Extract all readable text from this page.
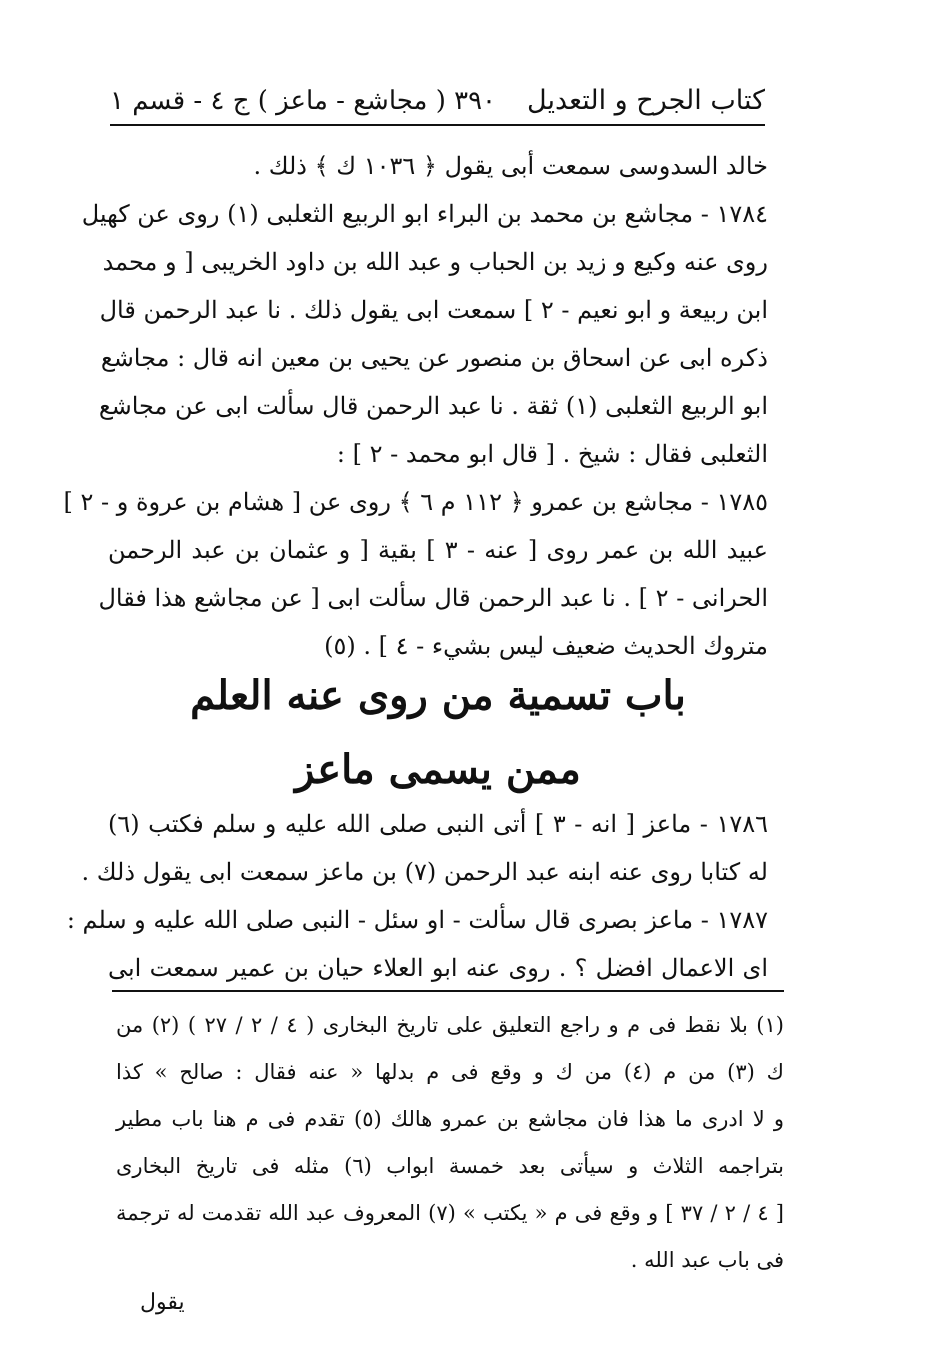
كتاب الجرح و التعديل
٣٩٠ ( مجاشع - ماعز ) ج ٤ - قسم ١
خالد السدوسى سمعت أبى يقول ﴿ ١٠٣٦ ك ﴾ ذلك .
١٧٨٤ - مجاشع بن محمد بن البراء ابو الربيع الثعلبى (١) روى عن كهيل
روى عنه وكيع و زيد بن الحباب و عبد الله بن داود الخريبى [ و محمد
ابن ربيعة و ابو نعيم - ٢ ] سمعت ابى يقول ذلك . نا عبد الرحمن قال
ذكره ابى عن اسحاق بن منصور عن يحيى بن معين انه قال : مجاشع
ابو الربيع الثعلبى (١) ثقة . نا عبد الرحمن قال سألت ابى عن مجاشع
الثعلبى فقال : شيخ . [ قال ابو محمد - ٢ ] :
١٧٨٥ - مجاشع بن عمرو ﴿ ١١٢ م ٦ ﴾ روى عن [ هشام بن عروة و - ٢ ]
عبيد الله بن عمر روى [ عنه - ٣ ] بقية [ و عثمان بن عبد الرحمن
الحرانى - ٢ ] . نا عبد الرحمن قال سألت ابى [ عن مجاشع هذا فقال
متروك الحديث ضعيف ليس بشيء - ٤ ] . (٥)
باب تسمية من روى عنه العلم
ممن يسمى ماعز
١٧٨٦ - ماعز [ انه - ٣ ] أتى النبى صلى الله عليه و سلم فكتب (٦)
له كتابا روى عنه ابنه عبد الرحمن (٧) بن ماعز سمعت ابى يقول ذلك .
١٧٨٧ - ماعز بصرى قال سألت - او سئل - النبى صلى الله عليه و سلم :
اى الاعمال افضل ؟ . روى عنه ابو العلاء حيان بن عمير سمعت ابى
(١) بلا نقط فى م و راجع التعليق على تاريخ البخارى ( ٤ / ٢ / ٢٧ ) (٢) من
ك (٣) من م (٤) من ك و وقع فى م بدلها « عنه فقال : صالح » كذا
و لا ادرى ما هذا فان مجاشع بن عمرو هالك (٥) تقدم فى م هنا باب مطير
بتراجمه الثلاث و سيأتى بعد خمسة ابواب (٦) مثله فى تاريخ البخارى
[ ٤ / ٢ / ٣٧ ] و وقع فى م « يكتب » (٧) المعروف عبد الله تقدمت له ترجمة
فى باب عبد الله .
يقول
